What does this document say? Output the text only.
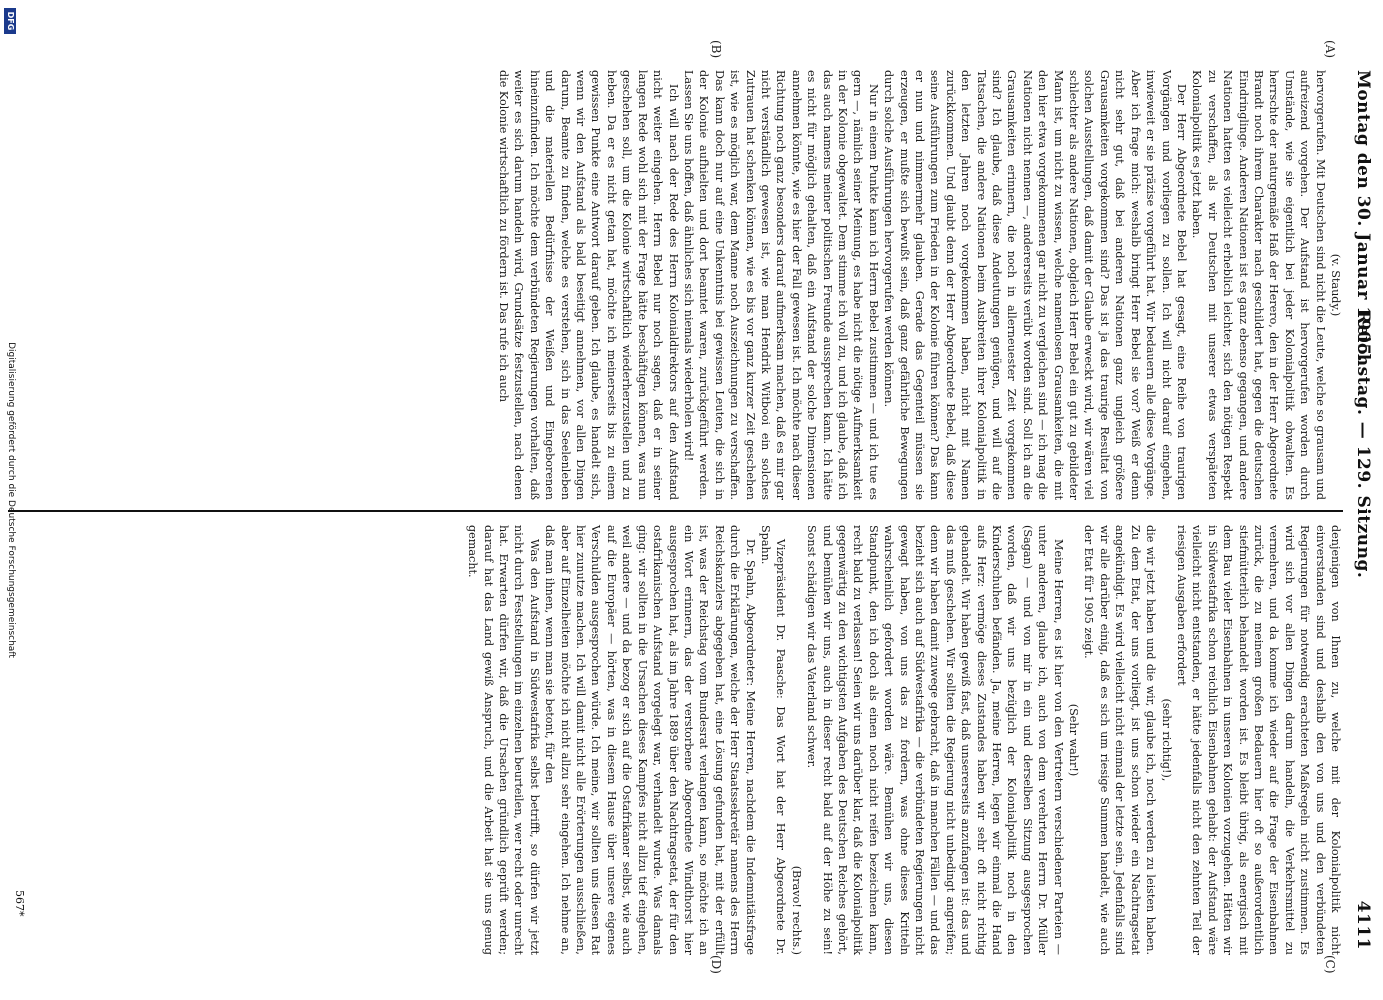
Montag den 30. Januar 1905.
Reichstag. — 129. Sitzung.
4111
(A)
(B)
(C)
(D)

(v. Staudy.)

hervorgerufen. Mit Deutschen sind nicht die Leute, welche so grausam und aufreizend vorgehen. Der Aufstand ist hervorgerufen worden durch Umstände, wie sie eigentlich bei jeder Kolonialpolitik obwalten. Es herrschte der naturgemäße Haß der Herero, den in der Herr Abgeordnete Brandt noch ihrem Charakter nach geschildert hat, gegen die deutschen Eindringlinge. Anderen Nationen ist es ganz ebenso gegangen, und andere Nationen hatten es vielleicht erheblich leichter, sich den nötigen Respekt zu verschaffen, als wir Deutschen mit unserer etwas verspäteten Kolonialpolitik es jetzt haben.

Der Herr Abgeordnete Bebel hat gesagt, eine Reihe von traurigen Vorgängen und vorliegen zu sollen. Ich will nicht darauf eingehen, inwieweit er sie präzise vorgeführt hat. Wir bedauern alle diese Vorgänge. Aber ich frage mich: weshalb bringt Herr Bebel sie vor? Weiß er denn nicht sehr gut, daß bei anderen Nationen ganz ungleich größere Grausamkeiten vorgekommen sind? Das ist ja das traurige Resultat von solchen Ausstellungen, daß damit der Glaube erweckt wird, wir wären viel schlechter als andere Nationen, obgleich Herr Bebel ein gut zu gebildeter Mann ist, um nicht zu wissen, welche namenlosen Grausamkeiten, die mit den hier etwa vorgekommenen gar nicht zu vergleichen sind — ich mag die Nationen nicht nennen —, andererseits verübt worden sind. Soll ich an die Grausamkeiten erinnern, die noch in allerneuester Zeit vorgekommen sind? Ich glaube, daß diese Andeutungen genügen, und will auf die Tatsachen, die andere Nationen beim Ausbreiten ihrer Kolonialpolitik in den letzten Jahren noch vorgekommen haben, nicht mit Namen zurückkommen. Und glaubt denn der Herr Abgeordnete Bebel, daß diese seine Ausführungen zum Frieden in der Kolonie führen können? Das kann er nun und nimmermehr glauben. Gerade das Gegenteil müssen sie erzeugen, er mußte sich bewußt sein, daß ganz gefährliche Bewegungen durch solche Ausführungen hervorgerufen werden können.

Nur in einem Punkte kann ich Herrn Bebel zustimmen — und ich tue es gern —, nämlich seiner Meinung, es habe nicht die nötige Aufmerksamkeit in der Kolonie obgewaltet. Dem stimme ich voll zu, und ich glaube, daß ich das auch namens meiner politischen Freunde aussprechen kann. Ich hätte es nicht für möglich gehalten, daß ein Aufstand der solche Dimensionen annehmen könnte, wie es hier der Fall gewesen ist. Ich möchte nach dieser Richtung noch ganz besonders darauf aufmerksam machen, daß es mir gar nicht verständlich gewesen ist, wie man Hendrik Witbooi ein solches Zutrauen hat schenken können, wie es bis vor ganz kurzer Zeit geschehen ist, wie es möglich war, dem Manne noch Auszeichnungen zu verschaffen. Das kann doch nur auf eine Unkenntnis bei gewissen Leuten, die sich in der Kolonie aufhielten und dort beamtet waren, zurückgeführt werden. Lassen Sie uns hoffen, daß ähnliches sich niemals wiederholen wird!

Ich will nach der Rede des Herrn Kolonialdirektors auf den Aufstand nicht weiter eingehen. Herrn Bebel nur noch sagen, daß er in seiner langen Rede wohl sich mit der Frage hätte beschäftigen können, was nun geschehen soll, um die Kolonie wirtschaftlich wiederherzustellen und zu heben. Da er es nicht getan hat, möchte ich meinerseits bis zu einem gewissen Punkte eine Antwort darauf geben. Ich glaube, es handelt sich, wenn wir den Aufstand als bald beseitigt annehmen, vor allen Dingen darum, Beamte zu finden, welche es verstehen, sich in das Seelenleben und die materiellen Bedürfnisse der Weißen und Eingeborenen hineinzufinden. Ich möchte dem verbündeten Regierungen vorhalten, daß weiter es sich darum handeln wird, Grundsätze festzustellen, nach denen die Kolonie wirtschaftlich zu fördern ist. Das rufe ich auch

denjenigen von Ihnen zu, welche mit der Kolonialpolitik nicht einverstanden sind und deshalb den von uns und den verbündeten Regierungen für notwendig erachteten Maßregeln nicht zustimmen. Es wird sich vor allen Dingen darum handeln, die Verkehrsmittel zu vermehren, und da komme ich wieder auf die Frage der Eisenbahnen zurück, die zu meinem großen Bedauern hier oft so außerordentlich stiefmütterlich behandelt worden ist. Es bleibt übrig, als energisch mit dem Bau vieler Eisenbahnen in unseren Kolonien vorzugehen. Hätten wir in Südwestafrika schon reichlich Eisenbahnen gehabt: der Aufstand wäre vielleicht nicht entstanden, er hätte jedenfalls nicht den zehnten Teil der riesigen Ausgaben erfordert

(sehr richtig!),

die wir jetzt haben und die wir, glaube ich, noch werden zu leisten haben. Zu dem Etat, der uns vorliegt, ist uns schon wieder ein Nachtragsetat angekündigt. Es wird vielleicht nicht einmal der letzte sein. Jedenfalls sind wir alle darüber einig, daß es sich um riesige Summen handelt, wie auch der Etat für 1905 zeigt.

(Sehr wahr!)

Meine Herren, es ist hier von den Vertretern verschiedener Parteien — unter anderen, glaube ich, auch von dem verehrten Herrn Dr. Müller (Sagan) — und von mir in ein und derselben Sitzung ausgesprochen worden, daß wir uns bezüglich der Kolonialpolitik noch in den Kinderschuhen befänden. Ja, meine Herren, legen wir einmal die Hand aufs Herz: vermöge dieses Zustandes haben wir sehr oft nicht richtig gehandelt. Wir haben gewiß fast, daß unsererseits anzufangen ist: das und das muß geschehen. Wir sollten die Regierung nicht unbedingt angreifen; denn wir haben damit zuwege gebracht, daß in manchen Fällen — und das bezieht sich auch auf Südwestafrika — die verbündeten Regierungen nicht gewagt haben, von uns das zu fordern, was ohne dieses Kritteln wahrscheinlich gefordert worden wäre. Bemühen wir uns, diesen Standpunkt, den ich doch als einen noch nicht reifen bezeichnen kann, recht bald zu verlassen! Seien wir uns darüber klar, daß die Kolonialpolitik gegenwärtig zu den wichtigsten Aufgaben des Deutschen Reiches gehört, und bemühen wir uns, auch in dieser recht bald auf der Höhe zu sein! Sonst schädigen wir das Vaterland schwer.

(Bravo! rechts.)

Vizepräsident Dr. Paasche: Das Wort hat der Herr Abgeordnete Dr. Spahn.

Dr. Spahn, Abgeordneter: Meine Herren, nachdem die Indemnitätsfrage durch die Erklärungen, welche der Herr Staatssekretär namens des Herrn Reichskanzlers abgegeben hat, eine Lösung gefunden hat, mit der erfüllt ist, was der Reichstag vom Bundesrat verlangen kann, so möchte ich an ein Wort erinnern, das der verstorbene Abgeordnete Windthorst hier ausgesprochen hat, als im Jahre 1889 über den Nachtragsetat, der für den ostafrikanischen Aufstand vorgelegt war, verhandelt wurde. Was damals ging: wir sollten in die Ursachen dieses Kampfes nicht allzu tief eingehen, weil andere — und da bezog er sich auf die Ostafrikaner selbst, wie auch auf die Europäer — hörten, was in diesem Hause über unsere eigenes Verschulden ausgesprochen würde. Ich meine, wir sollten uns diesen Rat hier zunutze machen. Ich will damit nicht alle Erörterungen ausschließen, aber auf Einzelheiten möchte ich nicht allzu sehr eingehen. Ich nehme an, daß man ihnen, wenn man sie betont, für den

Was den Aufstand in Südwestafrika selbst betrifft, so dürfen wir jetzt nicht durch Feststellungen im einzelnen beurteilen, wer recht oder unrecht hat. Erwarten dürfen wir, daß die Ursachen gründlich geprüft werden; darauf hat das Land gewiß Anspruch, und die Arbeit hat sie uns genug gemacht.

567*
Digitalisierung gefördert durch die Deutsche Forschungsgemeinschaft
DFG
